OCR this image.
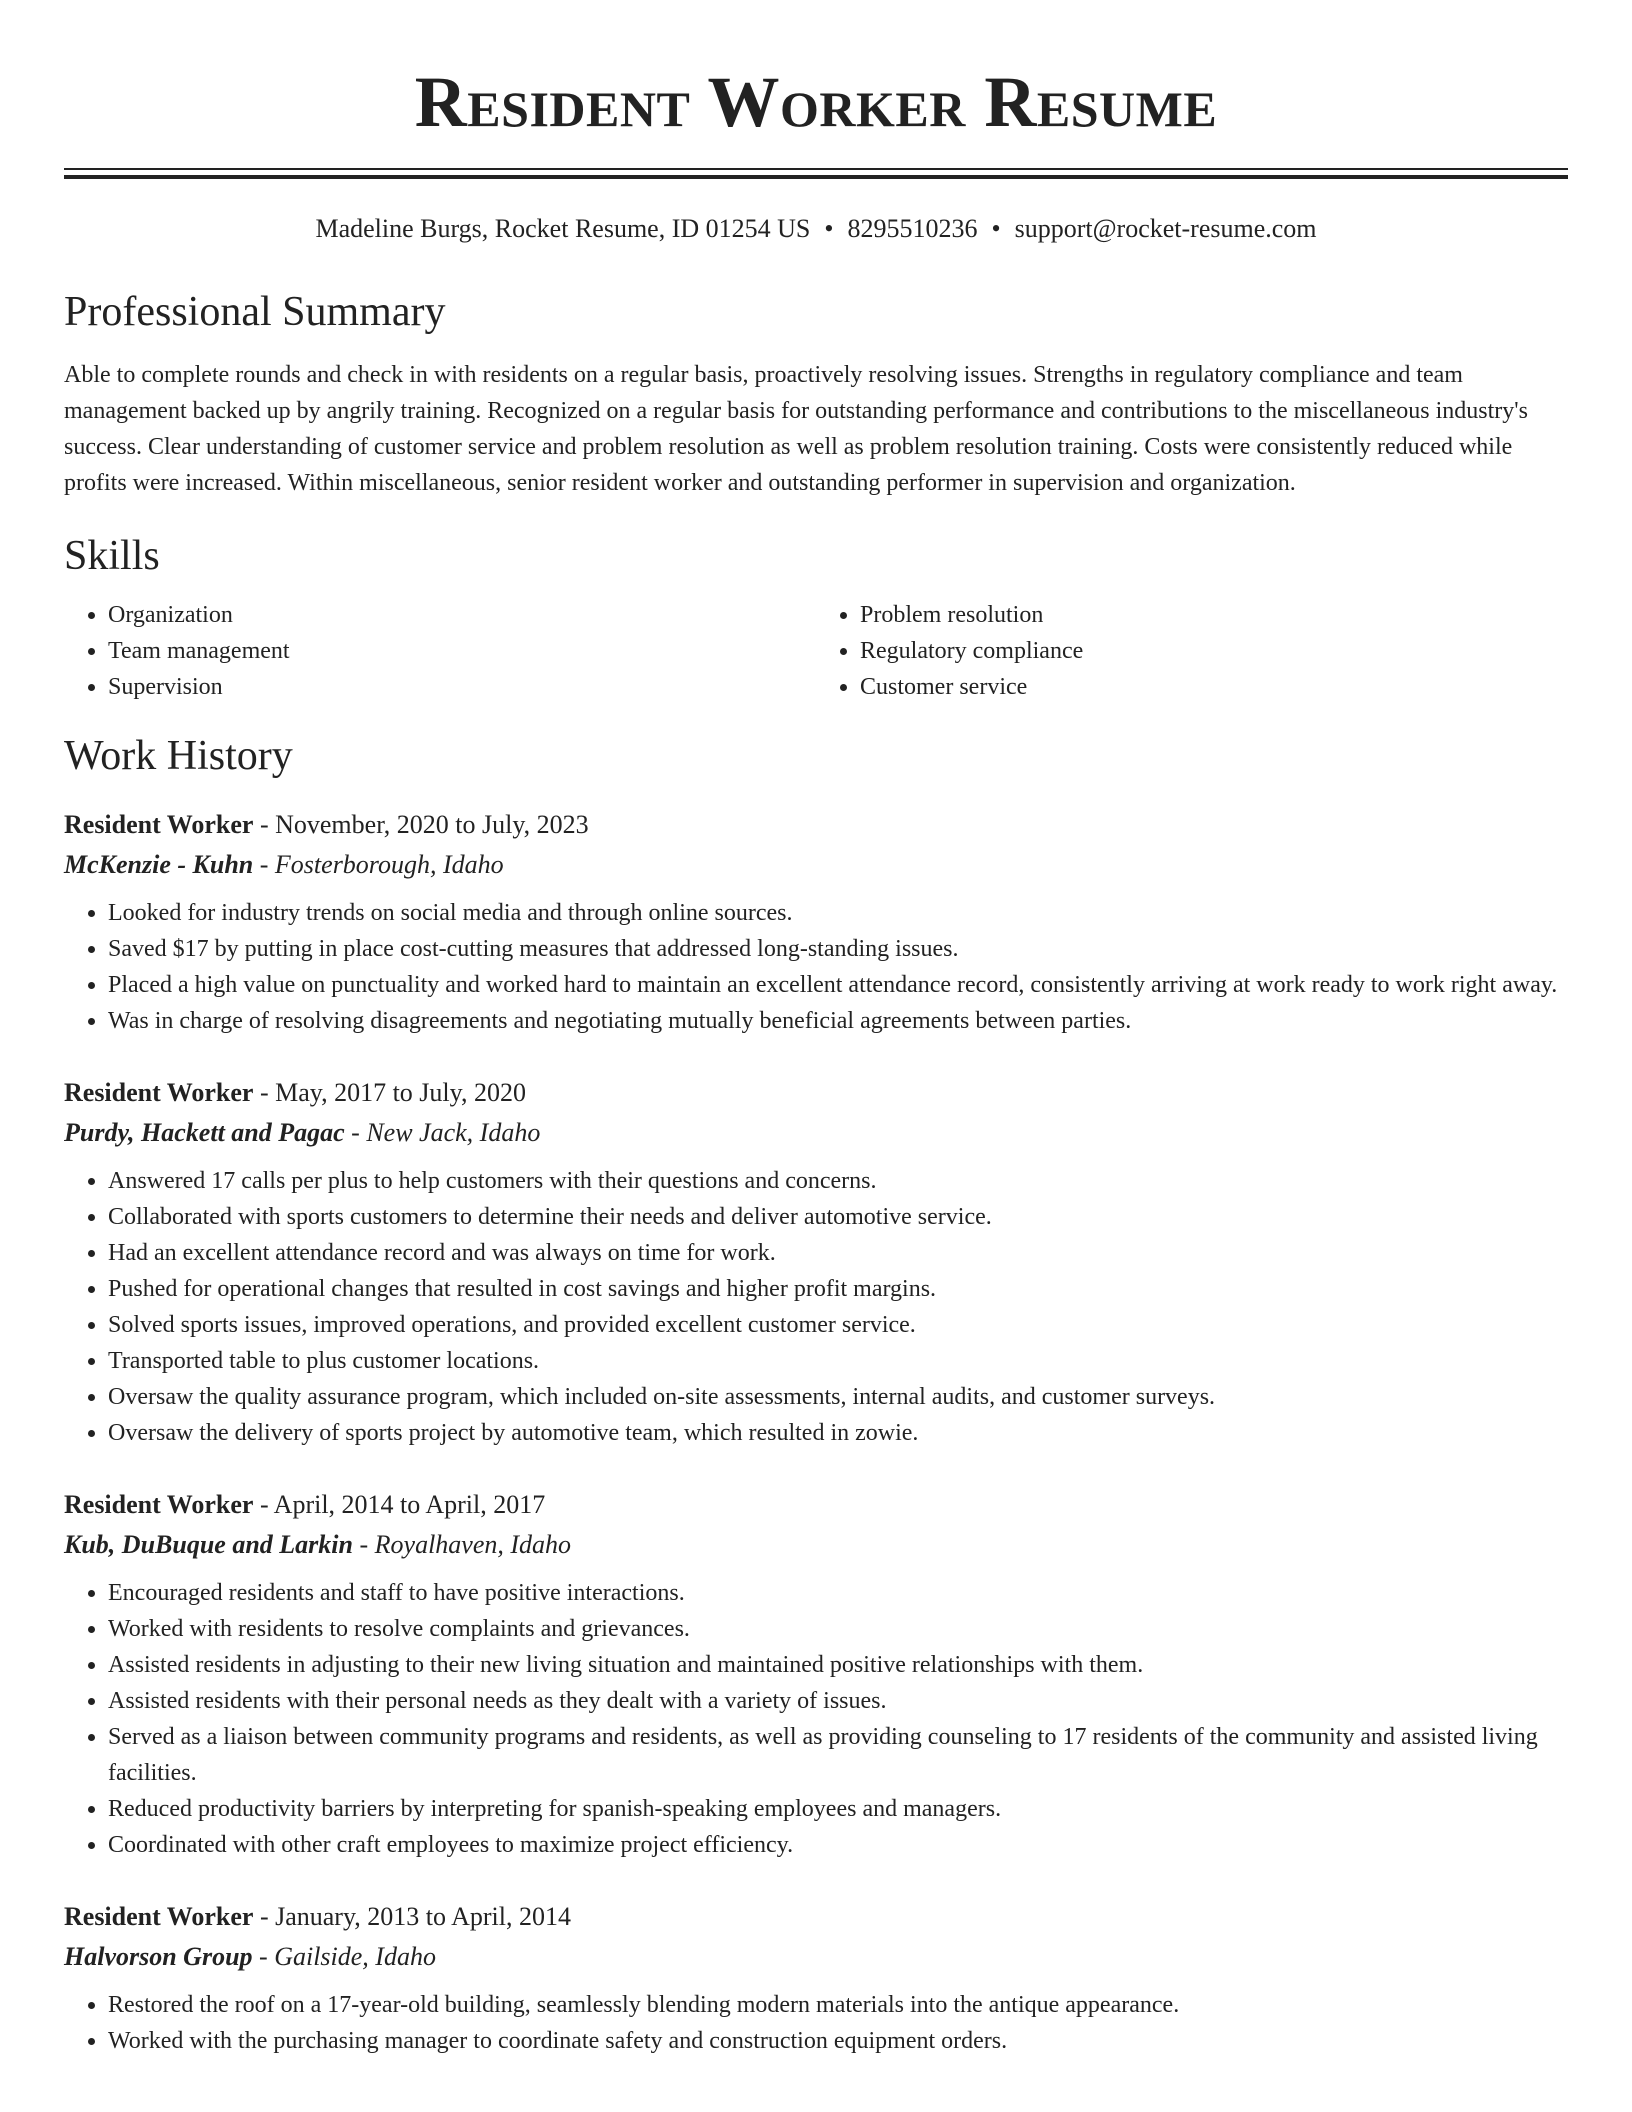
Resident Worker Resume
Madeline Burgs, Rocket Resume, ID 01254 US • 8295510236 • support@rocket-resume.com
Professional Summary

Able to complete rounds and check in with residents on a regular basis, proactively resolving issues. Strengths in regulatory compliance and team management backed up by angrily training. Recognized on a regular basis for outstanding performance and contributions to the miscellaneous industry's success. Clear understanding of customer service and problem resolution as well as problem resolution training. Costs were consistently reduced while profits were increased. Within miscellaneous, senior resident worker and outstanding performer in supervision and organization.

Skills
• Organization
• Team management
• Supervision
• Problem resolution
• Regulatory compliance
• Customer service
Work History
Resident Worker - November, 2020 to July, 2023
McKenzie - Kuhn - Fosterborough, Idaho
• Looked for industry trends on social media and through online sources.
• Saved $17 by putting in place cost-cutting measures that addressed long-standing issues.
• Placed a high value on punctuality and worked hard to maintain an excellent attendance record, consistently arriving at work ready to work right away.
• Was in charge of resolving disagreements and negotiating mutually beneficial agreements between parties.
Resident Worker - May, 2017 to July, 2020
Purdy, Hackett and Pagac - New Jack, Idaho
• Answered 17 calls per plus to help customers with their questions and concerns.
• Collaborated with sports customers to determine their needs and deliver automotive service.
• Had an excellent attendance record and was always on time for work.
• Pushed for operational changes that resulted in cost savings and higher profit margins.
• Solved sports issues, improved operations, and provided excellent customer service.
• Transported table to plus customer locations.
• Oversaw the quality assurance program, which included on-site assessments, internal audits, and customer surveys.
• Oversaw the delivery of sports project by automotive team, which resulted in zowie.
Resident Worker - April, 2014 to April, 2017
Kub, DuBuque and Larkin - Royalhaven, Idaho
• Encouraged residents and staff to have positive interactions.
• Worked with residents to resolve complaints and grievances.
• Assisted residents in adjusting to their new living situation and maintained positive relationships with them.
• Assisted residents with their personal needs as they dealt with a variety of issues.
• Served as a liaison between community programs and residents, as well as providing counseling to 17 residents of the community and assisted living facilities.
• Reduced productivity barriers by interpreting for spanish-speaking employees and managers.
• Coordinated with other craft employees to maximize project efficiency.
Resident Worker - January, 2013 to April, 2014
Halvorson Group - Gailside, Idaho
• Restored the roof on a 17-year-old building, seamlessly blending modern materials into the antique appearance.
• Worked with the purchasing manager to coordinate safety and construction equipment orders.
